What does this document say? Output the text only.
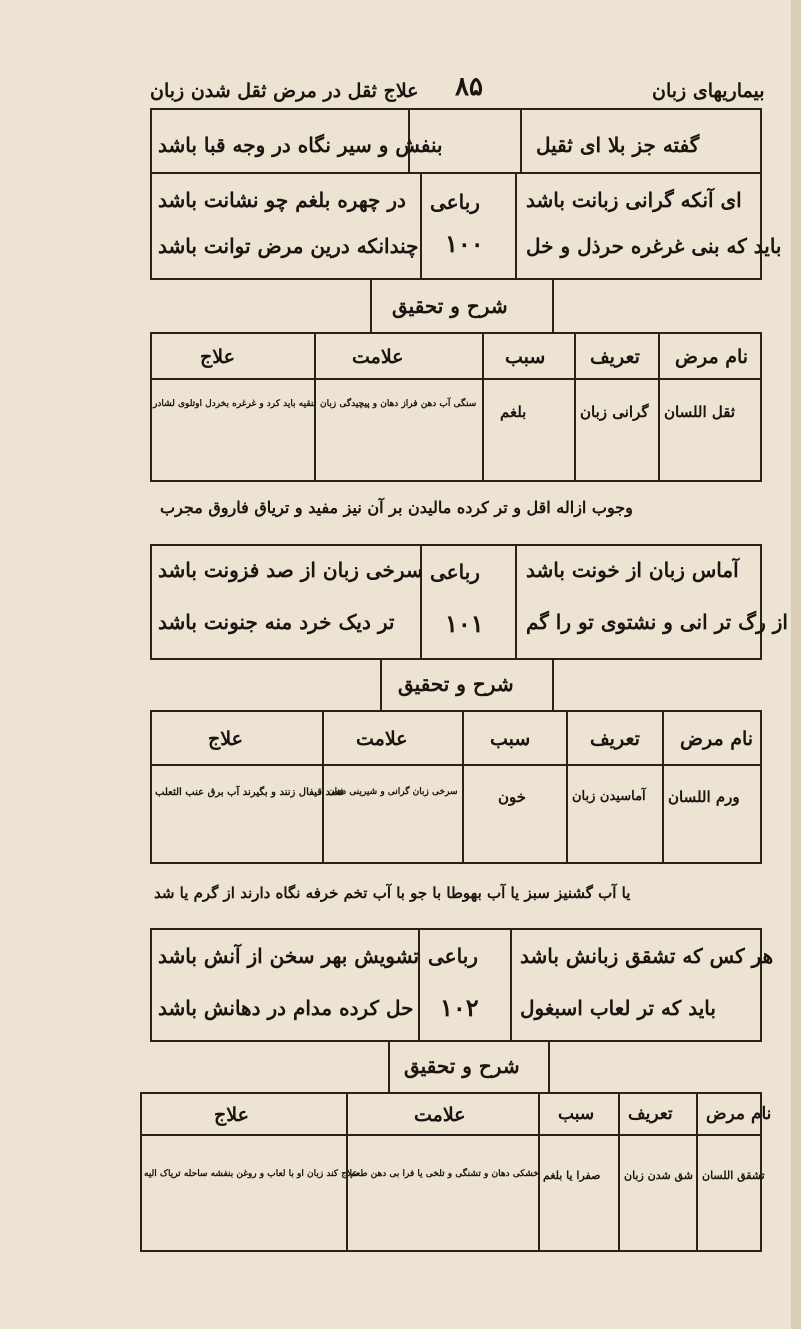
علاج ثقل در مرض ثقل شدن زبان ۸۵	بیماریهای زبان
گفته جز بلا ای ثقیل
بنفش و سیر نگاه در وجه قبا باشد
ای آنکه گرانی زبانت باشد
باید که بنی غرغره حرذل و خل
رباعی
۱۰۰
در چهره بلغم چو نشانت باشد
چندانکه درین مرض توانت باشد
شرح و تحقیق
نام مرض
تعریف
سبب
علامت
علاج
ثقل اللسان
گرانی زبان
بلغم
سنگی آب دهن فراز دهان و پیچیدگی زبان
تنقیه باید کرد و غرغره بخردل اوتلوی لشادر
وجوب ازاله اقل و تر کرده مالیدن بر آن نیز مفید و تریاق فاروق مجرب
آماس زبان از خونت باشد
از رگ تر انی و نشتوی تو را گم
رباعی
۱۰۱
سرخی زبان از صد فزونت باشد
تر دیک خرد منه جنونت باشد
شرح و تحقیق
نام مرض
تعریف
سبب
علامت
علاج
ورم اللسان
آماسیدن زبان
خون
سرخی زبان گرانی و شیرینی دهان
فصد قیفال زنند و بگیرند آب برق عنب الثعلب
یا آب گشنیز سبز یا آب بهوطا با جو با آب تخم خرفه نگاه دارند از گرم یا شد
هر کس که تشقق زبانش باشد
باید که تر لعاب اسبغول
رباعی
۱۰۲
تشویش بهر سخن از آنش باشد
حل کرده مدام در دهانش باشد
شرح و تحقیق
نام مرض
تعریف
سبب
علامت
علاج
تشقق اللسان
شق شدن زبان
صفرا یا بلغم
خشکی دهان و تشنگی و تلخی یا فرا بی دهن طعم
علاج کند زبان او با لعاب و روغن بنفشه ساحله تریاک الیه
